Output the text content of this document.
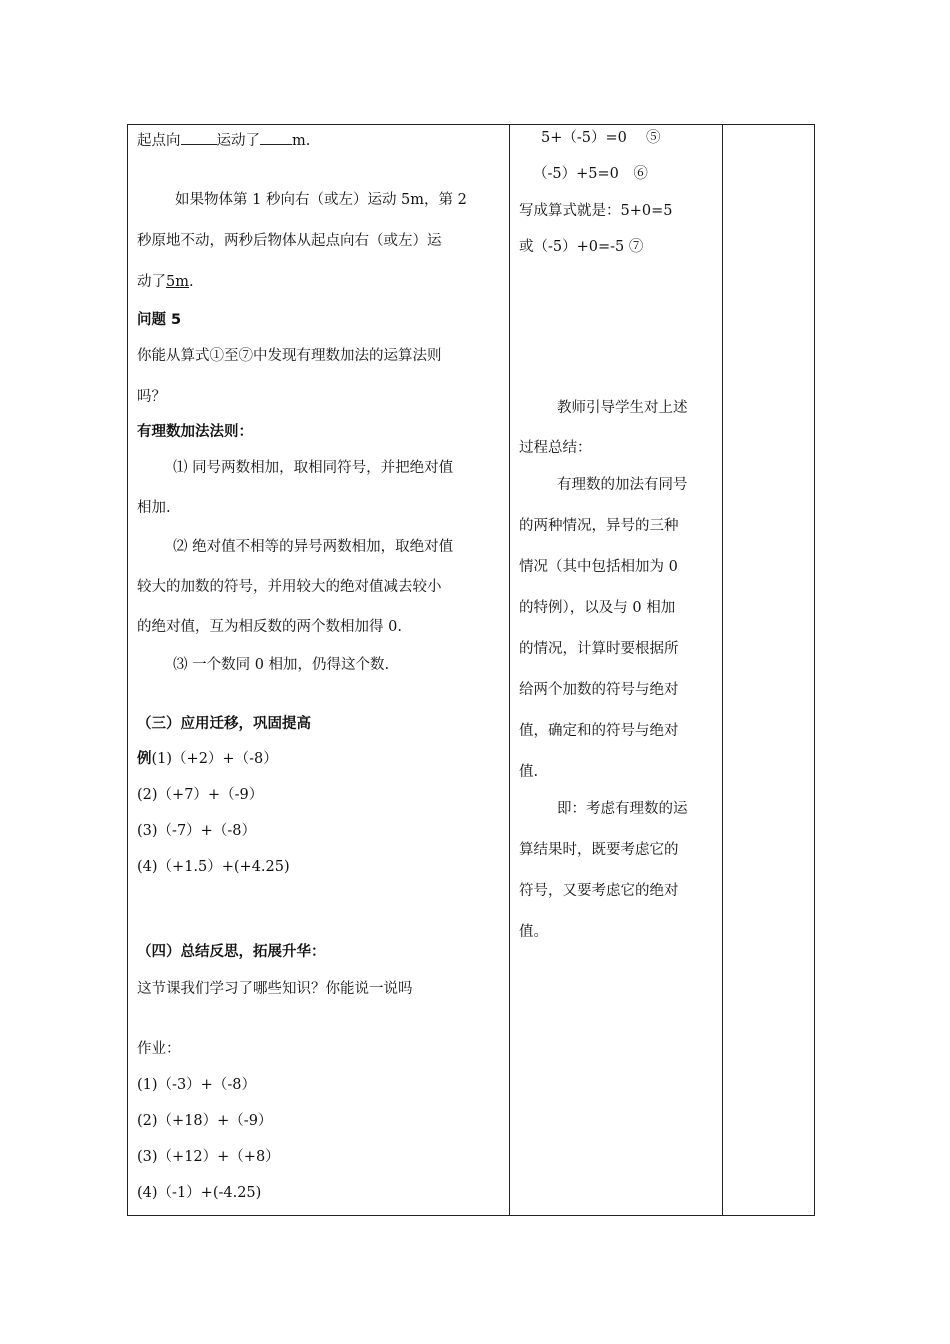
起点向 运动了 m.
如果物体第 1 秒向右（或左）运动 5m，第 2
秒原地不动，两秒后物体从起点向右（或左）运
动了5m.
问题 5
你能从算式①至⑦中发现有理数加法的运算法则
吗？
有理数加法法则：
⑴ 同号两数相加，取相同符号，并把绝对值
相加.
⑵ 绝对值不相等的异号两数相加，取绝对值
较大的加数的符号，并用较大的绝对值减去较小
的绝对值，互为相反数的两个数相加得 0.
⑶ 一个数同 0 相加，仍得这个数.
（三）应用迁移，巩固提高
例(1)（+2）+（-8）
(2)（+7）+（-9）
(3)（-7）+（-8）
(4)（+1.5）+(+4.25)
（四）总结反思，拓展升华：
这节课我们学习了哪些知识？你能说一说吗
作业：
(1)（-3）+（-8）
(2)（+18）+（-9）
(3)（+12）+（+8）
(4)（-1）+(-4.25)
5+（-5）=0　 ⑤
（-5）+5=0　⑥
写成算式就是：5+0=5
或（-5）+0=-5 ⑦
教师引导学生对上述
过程总结：
有理数的加法有同号
的两种情况，异号的三种
情况（其中包括相加为 0
的特例），以及与 0 相加
的情况，计算时要根据所
给两个加数的符号与绝对
值，确定和的符号与绝对
值.
即：考虑有理数的运
算结果时，既要考虑它的
符号，又要考虑它的绝对
值。
